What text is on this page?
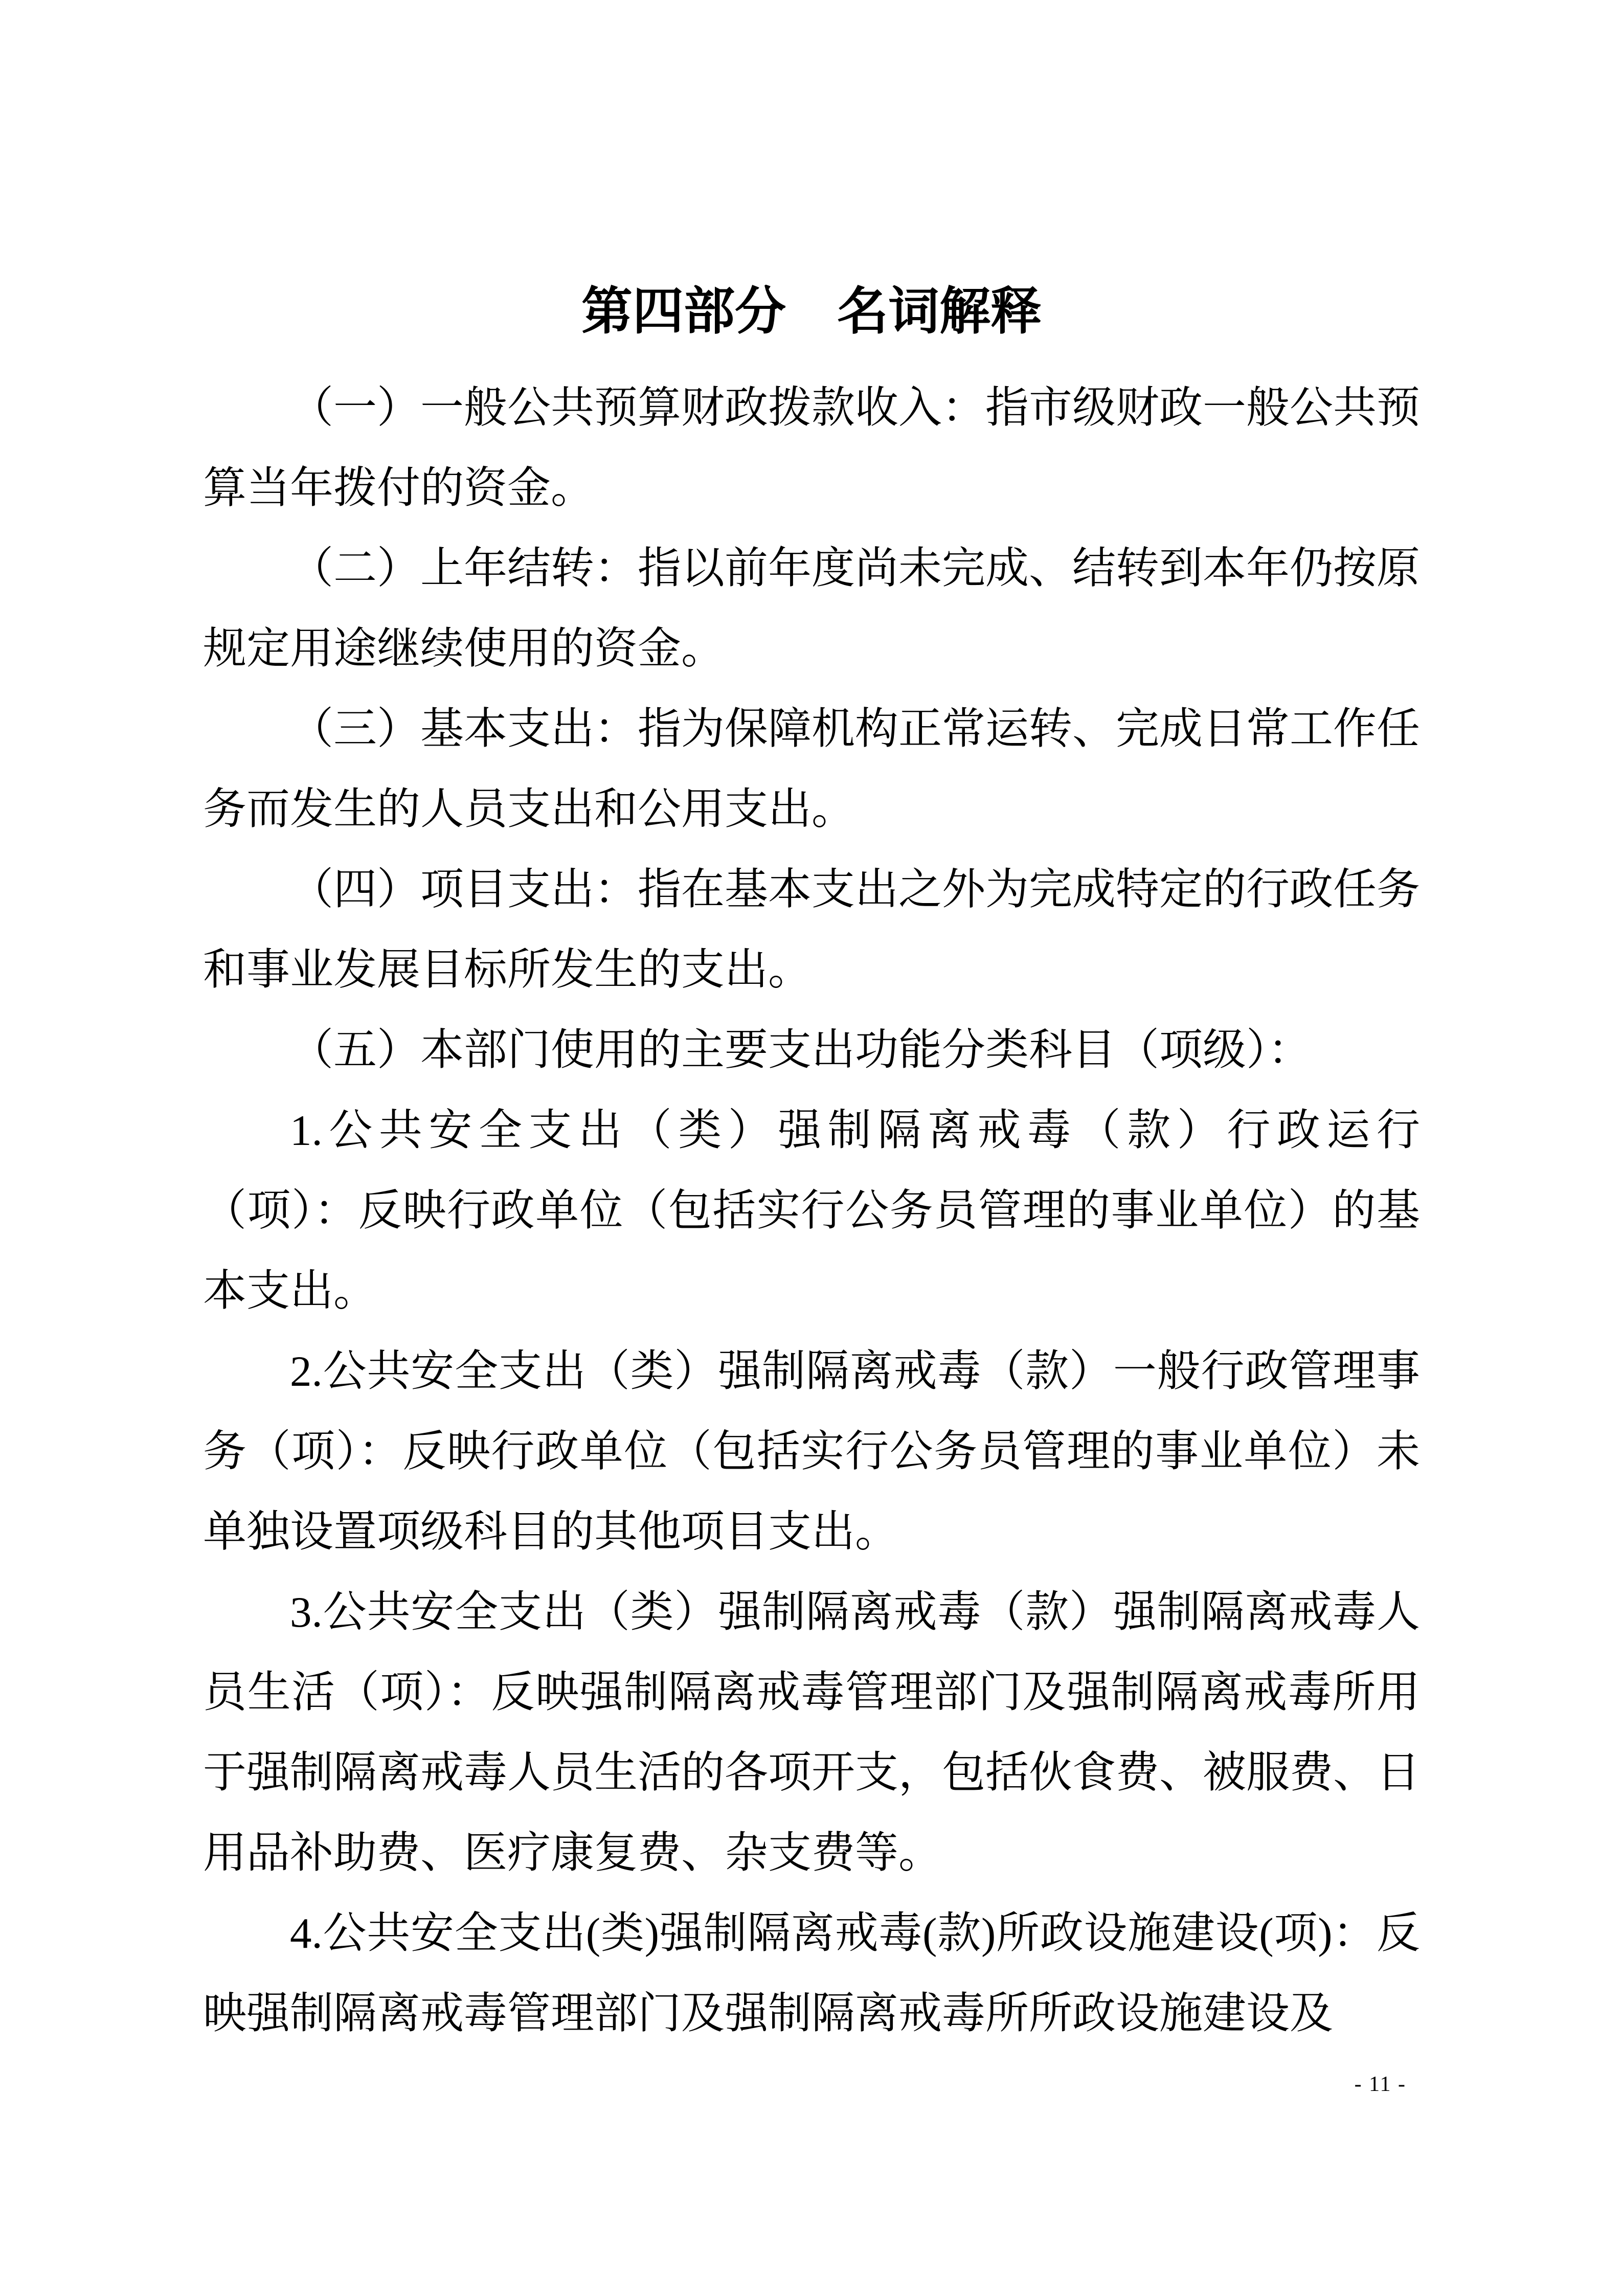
第四部分　名词解释

（一）一般公共预算财政拨款收入：指市级财政一般公共预算当年拨付的资金。

（二）上年结转：指以前年度尚未完成、结转到本年仍按原规定用途继续使用的资金。

（三）基本支出：指为保障机构正常运转、完成日常工作任务而发生的人员支出和公用支出。

（四）项目支出：指在基本支出之外为完成特定的行政任务和事业发展目标所发生的支出。

（五）本部门使用的主要支出功能分类科目（项级）：

1.公共安全支出（类）强制隔离戒毒（款）行政运行（项）：反映行政单位（包括实行公务员管理的事业单位）的基本支出。

2.公共安全支出（类）强制隔离戒毒（款）一般行政管理事务（项）：反映行政单位（包括实行公务员管理的事业单位）未单独设置项级科目的其他项目支出。

3.公共安全支出（类）强制隔离戒毒（款）强制隔离戒毒人员生活（项）：反映强制隔离戒毒管理部门及强制隔离戒毒所用于强制隔离戒毒人员生活的各项开支，包括伙食费、被服费、日用品补助费、医疗康复费、杂支费等。

4.公共安全支出(类)强制隔离戒毒(款)所政设施建设(项)：反映强制隔离戒毒管理部门及强制隔离戒毒所所政设施建设及

- 11 -
